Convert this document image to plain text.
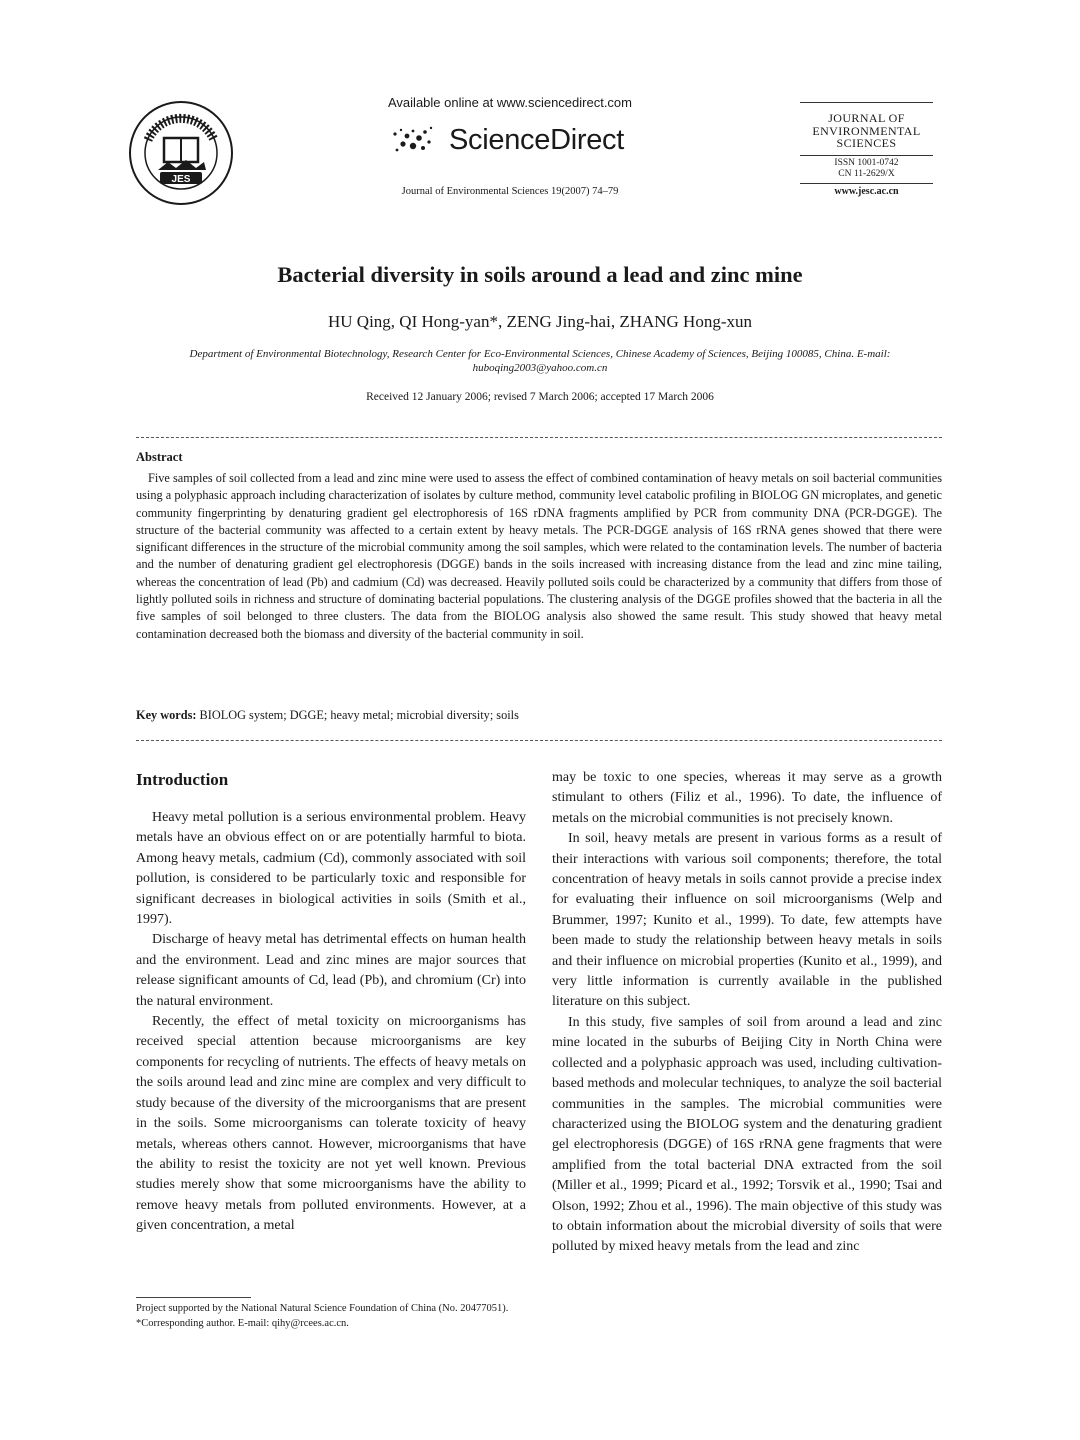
JES
Available online at www.sciencedirect.com
ScienceDirect
Journal of Environmental Sciences 19(2007) 74–79
JOURNAL OF
ENVIRONMENTAL
SCIENCES
ISSN 1001-0742
CN 11-2629/X
www.jesc.ac.cn
Bacterial diversity in soils around a lead and zinc mine
HU Qing, QI Hong-yan*, ZENG Jing-hai, ZHANG Hong-xun
Department of Environmental Biotechnology, Research Center for Eco-Environmental Sciences, Chinese Academy of Sciences, Beijing 100085, China. E-mail: huboqing2003@yahoo.com.cn
Received 12 January 2006; revised 7 March 2006; accepted 17 March 2006
Abstract
Five samples of soil collected from a lead and zinc mine were used to assess the effect of combined contamination of heavy metals on soil bacterial communities using a polyphasic approach including characterization of isolates by culture method, community level catabolic profiling in BIOLOG GN microplates, and genetic community fingerprinting by denaturing gradient gel electrophoresis of 16S rDNA fragments amplified by PCR from community DNA (PCR-DGGE). The structure of the bacterial community was affected to a certain extent by heavy metals. The PCR-DGGE analysis of 16S rRNA genes showed that there were significant differences in the structure of the microbial community among the soil samples, which were related to the contamination levels. The number of bacteria and the number of denaturing gradient gel electrophoresis (DGGE) bands in the soils increased with increasing distance from the lead and zinc mine tailing, whereas the concentration of lead (Pb) and cadmium (Cd) was decreased. Heavily polluted soils could be characterized by a community that differs from those of lightly polluted soils in richness and structure of dominating bacterial populations. The clustering analysis of the DGGE profiles showed that the bacteria in all the five samples of soil belonged to three clusters. The data from the BIOLOG analysis also showed the same result. This study showed that heavy metal contamination decreased both the biomass and diversity of the bacterial community in soil.
Key words: BIOLOG system; DGGE; heavy metal; microbial diversity; soils
Introduction

Heavy metal pollution is a serious environmental problem. Heavy metals have an obvious effect on or are potentially harmful to biota. Among heavy metals, cadmium (Cd), commonly associated with soil pollution, is considered to be particularly toxic and responsible for significant decreases in biological activities in soils (Smith et al., 1997).

Discharge of heavy metal has detrimental effects on human health and the environment. Lead and zinc mines are major sources that release significant amounts of Cd, lead (Pb), and chromium (Cr) into the natural environment.

Recently, the effect of metal toxicity on microorganisms has received special attention because microorganisms are key components for recycling of nutrients. The effects of heavy metals on the soils around lead and zinc mine are complex and very difficult to study because of the diversity of the microorganisms that are present in the soils. Some microorganisms can tolerate toxicity of heavy metals, whereas others cannot. However, microorganisms that have the ability to resist the toxicity are not yet well known. Previous studies merely show that some microorganisms have the ability to remove heavy metals from polluted environments. However, at a given concentration, a metal

may be toxic to one species, whereas it may serve as a growth stimulant to others (Filiz et al., 1996). To date, the influence of metals on the microbial communities is not precisely known.

In soil, heavy metals are present in various forms as a result of their interactions with various soil components; therefore, the total concentration of heavy metals in soils cannot provide a precise index for evaluating their influence on soil microorganisms (Welp and Brummer, 1997; Kunito et al., 1999). To date, few attempts have been made to study the relationship between heavy metals in soils and their influence on microbial properties (Kunito et al., 1999), and very little information is currently available in the published literature on this subject.

In this study, five samples of soil from around a lead and zinc mine located in the suburbs of Beijing City in North China were collected and a polyphasic approach was used, including cultivation-based methods and molecular techniques, to analyze the soil bacterial communities in the samples. The microbial communities were characterized using the BIOLOG system and the denaturing gradient gel electrophoresis (DGGE) of 16S rRNA gene fragments that were amplified from the total bacterial DNA extracted from the soil (Miller et al., 1999; Picard et al., 1992; Torsvik et al., 1990; Tsai and Olson, 1992; Zhou et al., 1996). The main objective of this study was to obtain information about the microbial diversity of soils that were polluted by mixed heavy metals from the lead and zinc

Project supported by the National Natural Science Foundation of China (No. 20477051). *Corresponding author. E-mail: qihy@rcees.ac.cn.
